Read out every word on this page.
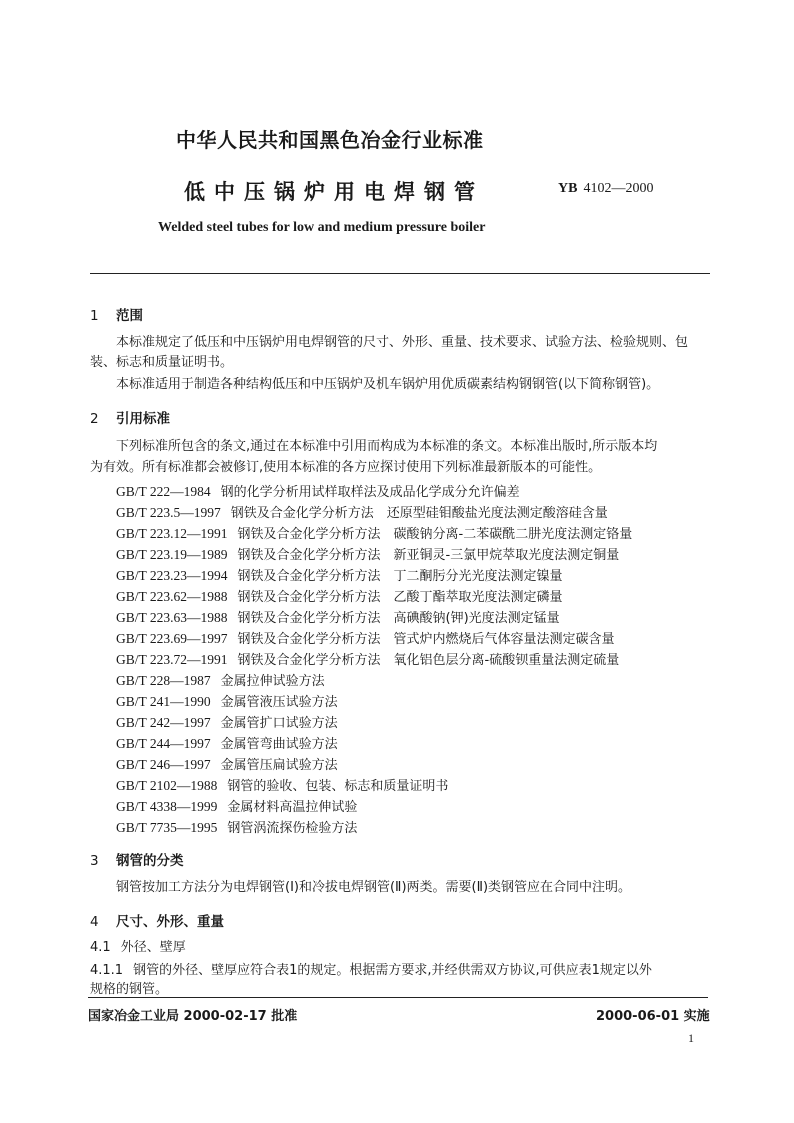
中华人民共和国黑色冶金行业标准
低中压锅炉用电焊钢管	YB 4102—2000
Welded steel tubes for low and medium pressure boiler
1 范围
本标准规定了低压和中压锅炉用电焊钢管的尺寸、外形、重量、技术要求、试验方法、检验规则、包
装、标志和质量证明书。
本标准适用于制造各种结构低压和中压锅炉及机车锅炉用优质碳素结构钢钢管(以下简称钢管)。
2 引用标准
下列标准所包含的条文,通过在本标准中引用而构成为本标准的条文。本标准出版时,所示版本均
为有效。所有标准都会被修订,使用本标准的各方应探讨使用下列标准最新版本的可能性。
GB/T 222—1984 钢的化学分析用试样取样法及成品化学成分允许偏差
GB/T 223.5—1997 钢铁及合金化学分析方法　还原型硅钼酸盐光度法测定酸溶硅含量
GB/T 223.12—1991 钢铁及合金化学分析方法　碳酸钠分离-二苯碳酰二肼光度法测定铬量
GB/T 223.19—1989 钢铁及合金化学分析方法　新亚铜灵-三氯甲烷萃取光度法测定铜量
GB/T 223.23—1994 钢铁及合金化学分析方法　丁二酮肟分光光度法测定镍量
GB/T 223.62—1988 钢铁及合金化学分析方法　乙酸丁酯萃取光度法测定磷量
GB/T 223.63—1988 钢铁及合金化学分析方法　高碘酸钠(钾)光度法测定锰量
GB/T 223.69—1997 钢铁及合金化学分析方法　管式炉内燃烧后气体容量法测定碳含量
GB/T 223.72—1991 钢铁及合金化学分析方法　氧化铝色层分离-硫酸钡重量法测定硫量
GB/T 228—1987 金属拉伸试验方法
GB/T 241—1990 金属管液压试验方法
GB/T 242—1997 金属管扩口试验方法
GB/T 244—1997 金属管弯曲试验方法
GB/T 246—1997 金属管压扁试验方法
GB/T 2102—1988 钢管的验收、包装、标志和质量证明书
GB/T 4338—1999 金属材料高温拉伸试验
GB/T 7735—1995 钢管涡流探伤检验方法
3 钢管的分类
钢管按加工方法分为电焊钢管(Ⅰ)和冷拔电焊钢管(Ⅱ)两类。需要(Ⅱ)类钢管应在合同中注明。
4 尺寸、外形、重量
4.1 外径、壁厚
4.1.1 钢管的外径、壁厚应符合表1的规定。根据需方要求,并经供需双方协议,可供应表1规定以外
规格的钢管。
国家冶金工业局 2000-02-17 批准	2000-06-01 实施
1
